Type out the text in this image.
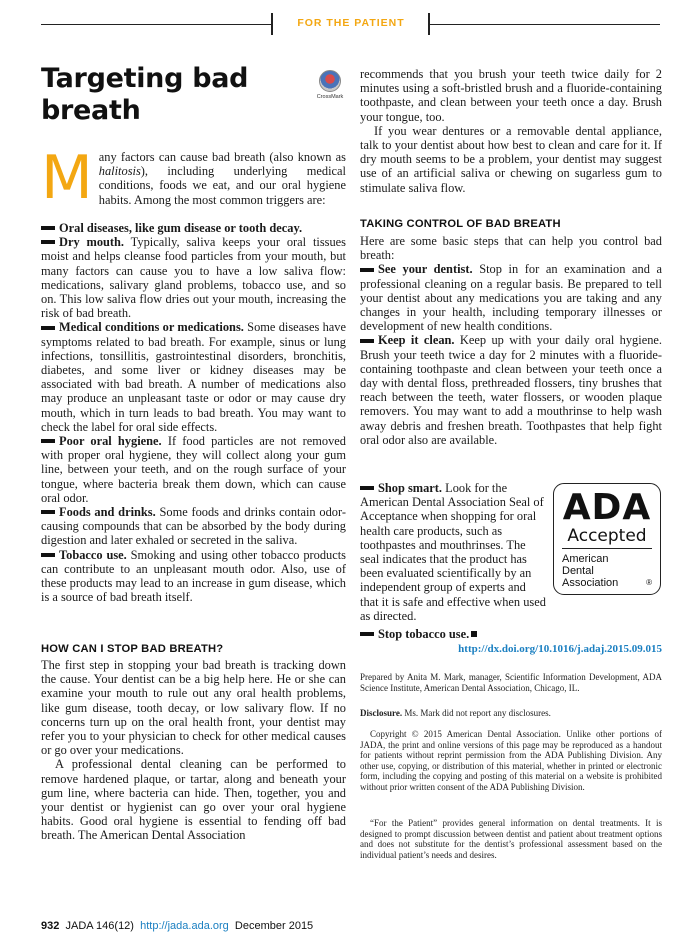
FOR THE PATIENT
Targeting bad breath	CrossMark
Many factors can cause bad breath (also known as halitosis), including underlying medical conditions, foods we eat, and our oral hygiene habits. Among the most common triggers are:

Oral diseases, like gum disease or tooth decay.

Dry mouth. Typically, saliva keeps your oral tissues moist and helps cleanse food particles from your mouth, but many factors can cause you to have a low saliva flow: medications, salivary gland problems, tobacco use, and so on. This low saliva flow dries out your mouth, increasing the risk of bad breath.

Medical conditions or medications. Some diseases have symptoms related to bad breath. For example, sinus or lung infections, tonsillitis, gastrointestinal disorders, bronchitis, diabetes, and some liver or kidney diseases may be associated with bad breath. A number of medications also may produce an unpleasant taste or odor or may cause dry mouth, which in turn leads to bad breath. You may want to check the label for oral side effects.

Poor oral hygiene. If food particles are not removed with proper oral hygiene, they will collect along your gum line, between your teeth, and on the rough surface of your tongue, where bacteria break them down, which can cause oral odor.

Foods and drinks. Some foods and drinks contain odor-causing compounds that can be absorbed by the body during digestion and later exhaled or secreted in the saliva.

Tobacco use. Smoking and using other tobacco products can contribute to an unpleasant mouth odor. Also, use of these products may lead to an increase in gum disease, which is a source of bad breath itself.

HOW CAN I STOP BAD BREATH?

The first step in stopping your bad breath is tracking down the cause. Your dentist can be a big help here. He or she can examine your mouth to rule out any oral health problems, like gum disease, tooth decay, or low salivary flow. If no concerns turn up on the oral health front, your dentist may refer you to your physician to check for other medical causes or go over your medications.

A professional dental cleaning can be performed to remove hardened plaque, or tartar, along and beneath your gum line, where bacteria can hide. Then, together, you and your dentist or hygienist can go over your oral hygiene habits. Good oral hygiene is essential to fending off bad breath. The American Dental Association

recommends that you brush your teeth twice daily for 2 minutes using a soft-bristled brush and a fluoride-containing toothpaste, and clean between your teeth once a day. Brush your tongue, too.

If you wear dentures or a removable dental appliance, talk to your dentist about how best to clean and care for it. If dry mouth seems to be a problem, your dentist may suggest use of an artificial saliva or chewing on sugarless gum to stimulate saliva flow.

TAKING CONTROL OF BAD BREATH

Here are some basic steps that can help you control bad breath:

See your dentist. Stop in for an examination and a professional cleaning on a regular basis. Be prepared to tell your dentist about any medications you are taking and any changes in your health, including temporary illnesses or development of new health conditions.

Keep it clean. Keep up with your daily oral hygiene. Brush your teeth twice a day for 2 minutes with a fluoride-containing toothpaste and clean between your teeth once a day with dental floss, prethreaded flossers, tiny brushes that reach between the teeth, water flossers, or wooden plaque removers. You may want to add a mouthrinse to help wash away debris and freshen breath. Toothpastes that help fight oral odor also are available.

Shop smart. Look for the American Dental Association Seal of Acceptance when shopping for oral health care products, such as toothpastes and mouthrinses. The seal indicates that the product has been evaluated scientifically by an independent group of experts and that it is safe and effective when used as directed.

ADA
Accepted
American
Dental
Association	®

Stop tobacco use.

http://dx.doi.org/10.1016/j.adaj.2015.09.015
Prepared by Anita M. Mark, manager, Scientific Information Development, ADA Science Institute, American Dental Association, Chicago, IL.
Disclosure. Ms. Mark did not report any disclosures.

Copyright © 2015 American Dental Association. Unlike other portions of JADA, the print and online versions of this page may be reproduced as a handout for patients without reprint permission from the ADA Publishing Division. Any other use, copying, or distribution of this material, whether in printed or electronic form, including the copying and posting of this material on a website is prohibited without prior written consent of the ADA Publishing Division.

“For the Patient” provides general information on dental treatments. It is designed to prompt discussion between dentist and patient about treatment options and does not substitute for the dentist’s professional assessment based on the individual patient’s needs and desires.

932 JADA 146(12) http://jada.ada.org December 2015
